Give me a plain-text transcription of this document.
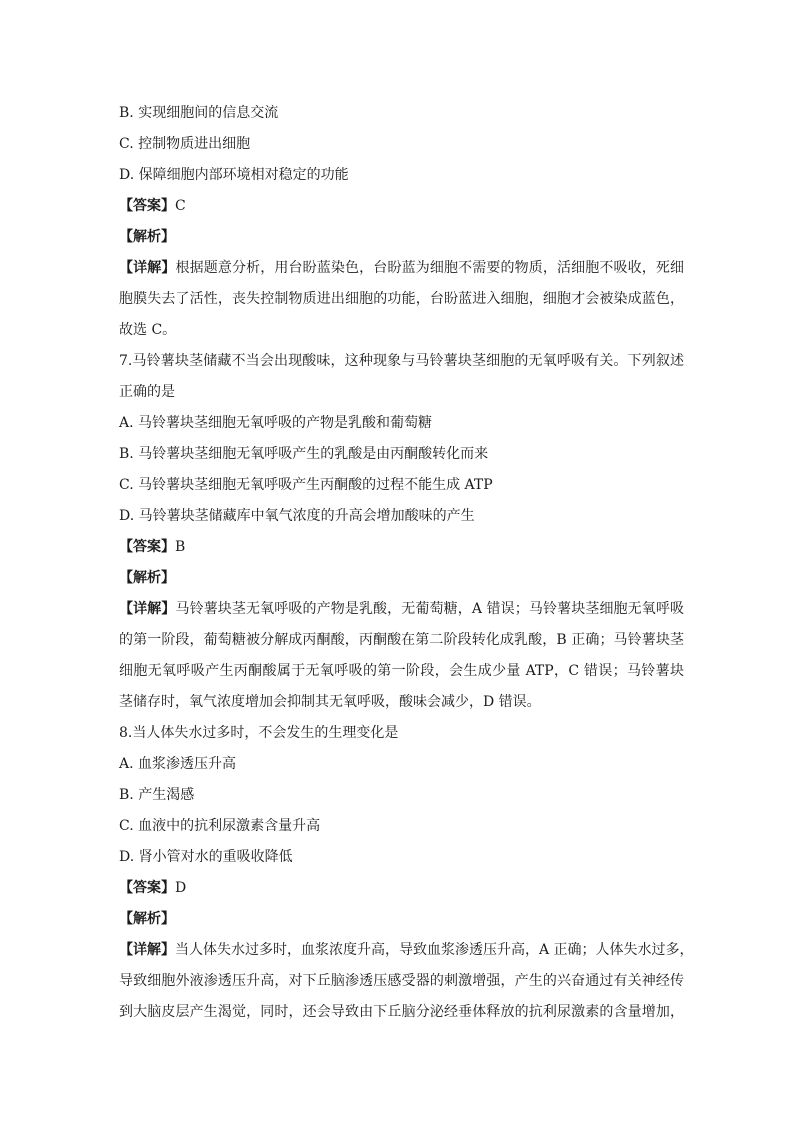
B. 实现细胞间的信息交流
C. 控制物质进出细胞
D. 保障细胞内部环境相对稳定的功能
【答案】C
【解析】
【详解】根据题意分析，用台盼蓝染色，台盼蓝为细胞不需要的物质，活细胞不吸收，死细
胞膜失去了活性，丧失控制物质进出细胞的功能，台盼蓝进入细胞，细胞才会被染成蓝色，
故选 C。
7.马铃薯块茎储藏不当会出现酸味，这种现象与马铃薯块茎细胞的无氧呼吸有关。下列叙述
正确的是
A. 马铃薯块茎细胞无氧呼吸的产物是乳酸和葡萄糖
B. 马铃薯块茎细胞无氧呼吸产生的乳酸是由丙酮酸转化而来
C. 马铃薯块茎细胞无氧呼吸产生丙酮酸的过程不能生成 ATP
D. 马铃薯块茎储藏库中氧气浓度的升高会增加酸味的产生
【答案】B
【解析】
【详解】马铃薯块茎无氧呼吸的产物是乳酸，无葡萄糖，A 错误；马铃薯块茎细胞无氧呼吸
的第一阶段，葡萄糖被分解成丙酮酸，丙酮酸在第二阶段转化成乳酸，B 正确；马铃薯块茎
细胞无氧呼吸产生丙酮酸属于无氧呼吸的第一阶段，会生成少量 ATP，C 错误；马铃薯块
茎储存时，氧气浓度增加会抑制其无氧呼吸，酸味会减少，D 错误。
8.当人体失水过多时，不会发生的生理变化是
A. 血浆渗透压升高
B. 产生渴感
C. 血液中的抗利尿激素含量升高
D. 肾小管对水的重吸收降低
【答案】D
【解析】
【详解】当人体失水过多时，血浆浓度升高，导致血浆渗透压升高，A 正确；人体失水过多，
导致细胞外液渗透压升高，对下丘脑渗透压感受器的刺激增强，产生的兴奋通过有关神经传
到大脑皮层产生渴觉，同时，还会导致由下丘脑分泌经垂体释放的抗利尿激素的含量增加，
